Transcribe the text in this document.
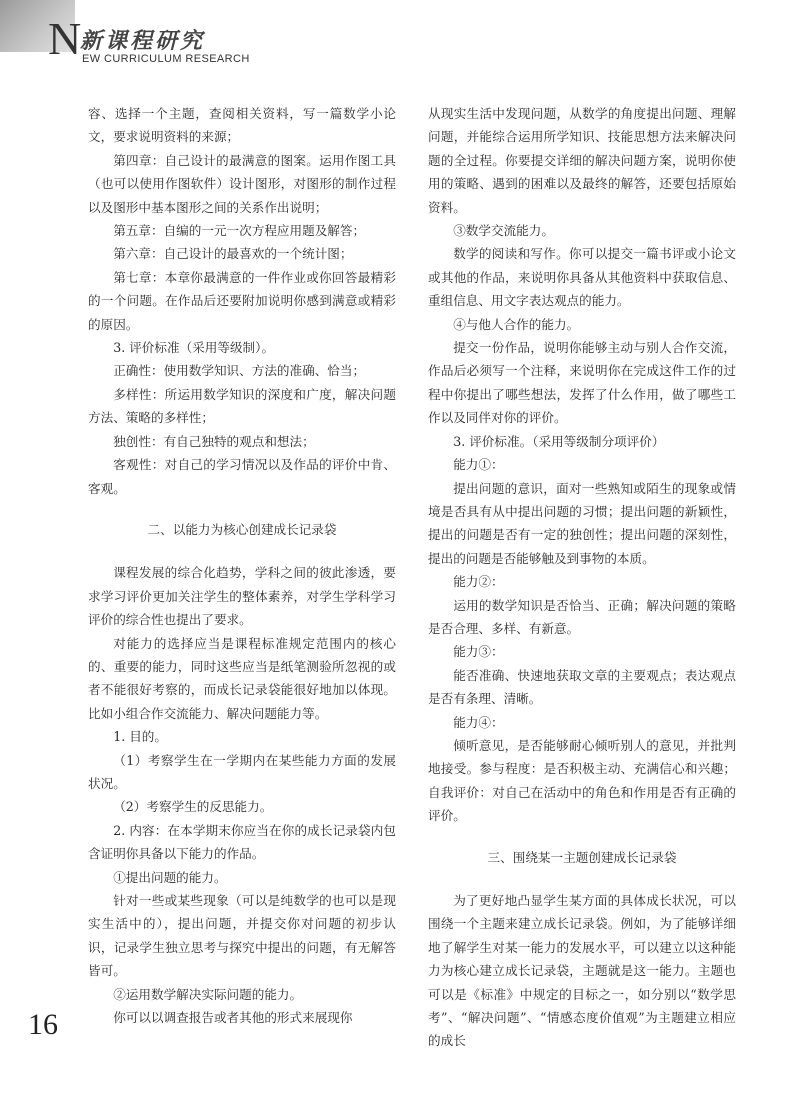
N
新课程研究
EW CURRICULUM RESEARCH

容、选择一个主题，查阅相关资料，写一篇数学小论文，要求说明资料的来源；

第四章：自己设计的最满意的图案。运用作图工具（也可以使用作图软件）设计图形，对图形的制作过程以及图形中基本图形之间的关系作出说明；

第五章：自编的一元一次方程应用题及解答；

第六章：自己设计的最喜欢的一个统计图；

第七章：本章你最满意的一件作业或你回答最精彩的一个问题。在作品后还要附加说明你感到满意或精彩的原因。

3. 评价标准（采用等级制）。

正确性：使用数学知识、方法的准确、恰当；

多样性：所运用数学知识的深度和广度，解决问题方法、策略的多样性；

独创性：有自己独特的观点和想法；

客观性：对自己的学习情况以及作品的评价中肯、客观。

二、以能力为核心创建成长记录袋

课程发展的综合化趋势，学科之间的彼此渗透，要求学习评价更加关注学生的整体素养，对学生学科学习评价的综合性也提出了要求。

对能力的选择应当是课程标准规定范围内的核心的、重要的能力，同时这些应当是纸笔测验所忽视的或者不能很好考察的，而成长记录袋能很好地加以体现。比如小组合作交流能力、解决问题能力等。

1. 目的。

（1）考察学生在一学期内在某些能力方面的发展状况。

（2）考察学生的反思能力。

2. 内容：在本学期末你应当在你的成长记录袋内包含证明你具备以下能力的作品。

①提出问题的能力。

针对一些或某些现象（可以是纯数学的也可以是现实生活中的），提出问题，并提交你对问题的初步认识，记录学生独立思考与探究中提出的问题，有无解答皆可。

②运用数学解决实际问题的能力。

你可以以调查报告或者其他的形式来展现你

从现实生活中发现问题，从数学的角度提出问题、理解问题，并能综合运用所学知识、技能思想方法来解决问题的全过程。你要提交详细的解决问题方案，说明你使用的策略、遇到的困难以及最终的解答，还要包括原始资料。

③数学交流能力。

数学的阅读和写作。你可以提交一篇书评或小论文或其他的作品，来说明你具备从其他资料中获取信息、重组信息、用文字表达观点的能力。

④与他人合作的能力。

提交一份作品，说明你能够主动与别人合作交流，作品后必须写一个注释，来说明你在完成这件工作的过程中你提出了哪些想法，发挥了什么作用，做了哪些工作以及同伴对你的评价。

3. 评价标准。（采用等级制分项评价）

能力①：

提出问题的意识，面对一些熟知或陌生的现象或情境是否具有从中提出问题的习惯；提出问题的新颖性，提出的问题是否有一定的独创性；提出问题的深刻性，提出的问题是否能够触及到事物的本质。

能力②：

运用的数学知识是否恰当、正确；解决问题的策略是否合理、多样、有新意。

能力③：

能否准确、快速地获取文章的主要观点；表达观点是否有条理、清晰。

能力④：

倾听意见，是否能够耐心倾听别人的意见，并批判地接受。参与程度：是否积极主动、充满信心和兴趣；自我评价：对自己在活动中的角色和作用是否有正确的评价。

三、围绕某一主题创建成长记录袋

为了更好地凸显学生某方面的具体成长状况，可以围绕一个主题来建立成长记录袋。例如，为了能够详细地了解学生对某一能力的发展水平，可以建立以这种能力为核心建立成长记录袋，主题就是这一能力。主题也可以是《标准》中规定的目标之一，如分别以“数学思考”、“解决问题”、“情感态度价值观”为主题建立相应的成长

16
